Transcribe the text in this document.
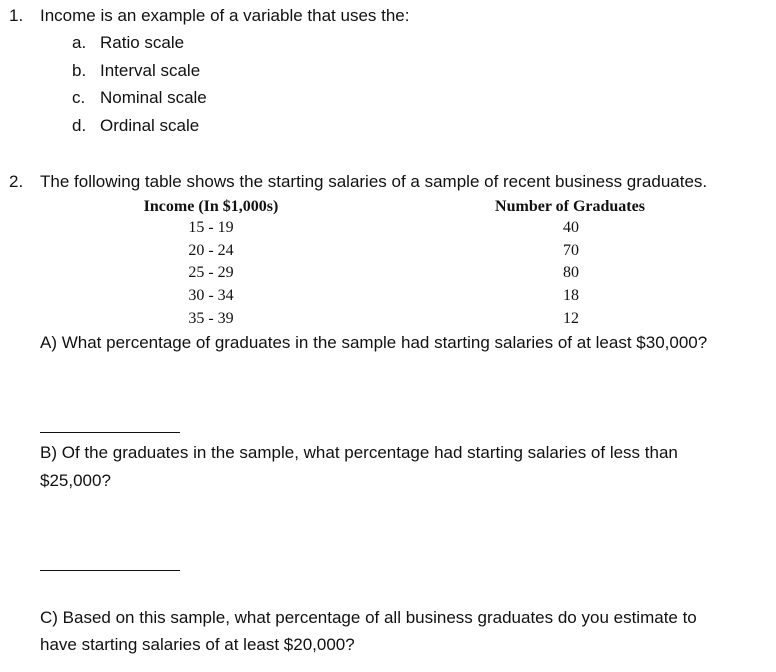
1. Income is an example of a variable that uses the:
a. Ratio scale
b. Interval scale
c. Nominal scale
d. Ordinal scale
2. The following table shows the starting salaries of a sample of recent business graduates.
Income (In $1,000s)	Number of Graduates
15 - 19	40
20 - 24	70
25 - 29	80
30 - 34	18
35 - 39	12
A) What percentage of graduates in the sample had starting salaries of at least $30,000?
B) Of the graduates in the sample, what percentage had starting salaries of less than
$25,000?
C) Based on this sample, what percentage of all business graduates do you estimate to
have starting salaries of at least $20,000?
